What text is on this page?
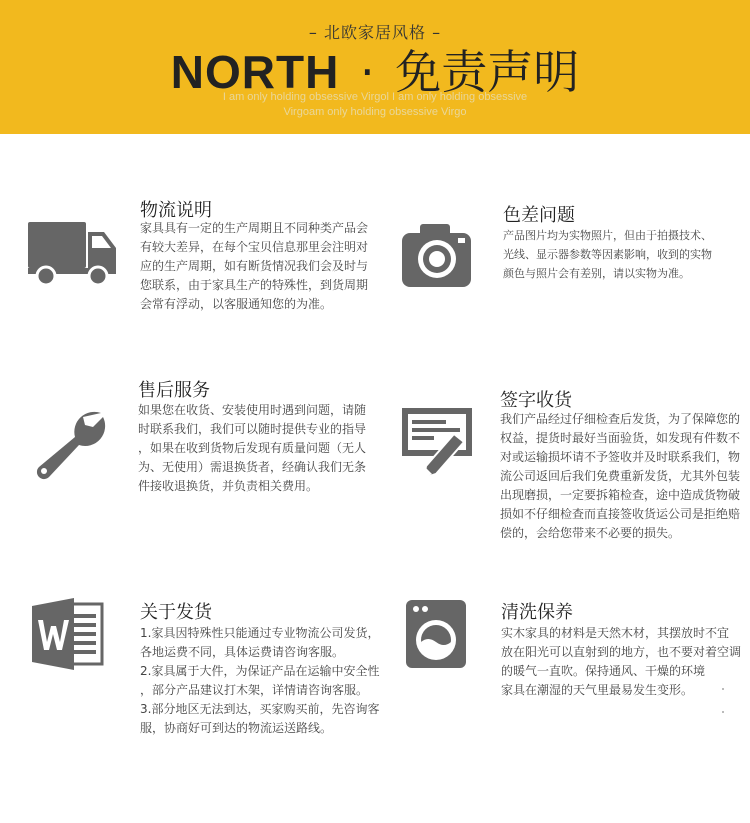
– 北欧家居风格 –
NORTH · 免责声明
I am only holding obsessive Virgol I am only holding obsessive
Virgoam only holding obsessive Virgo
物流说明

家具具有一定的生产周期且不同种类产品会

有较大差异，在每个宝贝信息那里会注明对

应的生产周期，如有断货情况我们会及时与

您联系，由于家具生产的特殊性，到货周期

会常有浮动，以客服通知您的为准。

色差问题

产品图片均为实物照片，但由于拍摄技术、

光线、显示器参数等因素影响，收到的实物

颜色与照片会有差别，请以实物为准。

售后服务

如果您在收货、安装使用时遇到问题，请随

时联系我们，我们可以随时提供专业的指导

，如果在收到货物后发现有质量问题（无人

为、无使用）需退换货者，经确认我们无条

件接收退换货，并负责相关费用。

签字收货

我们产品经过仔细检查后发货，为了保障您的

权益，提货时最好当面验货，如发现有件数不

对或运输损坏请不予签收并及时联系我们，物

流公司返回后我们免费重新发货，尤其外包装

出现磨损，一定要拆箱检查，途中造成货物破

损如不仔细检查而直接签收货运公司是拒绝赔

偿的，会给您带来不必要的损失。

关于发货

1.家具因特殊性只能通过专业物流公司发货，

各地运费不同，具体运费请咨询客服。

2.家具属于大件，为保证产品在运输中安全性

，部分产品建议打木架，详情请咨询客服。

3.部分地区无法到达，买家购买前，先咨询客

服，协商好可到达的物流运送路线。

清洗保养

实木家具的材料是天然木材，其摆放时不宜

放在阳光可以直射到的地方，也不要对着空调

的暖气一直吹。保持通风、干燥的环境

家具在潮湿的天气里最易发生变形。
